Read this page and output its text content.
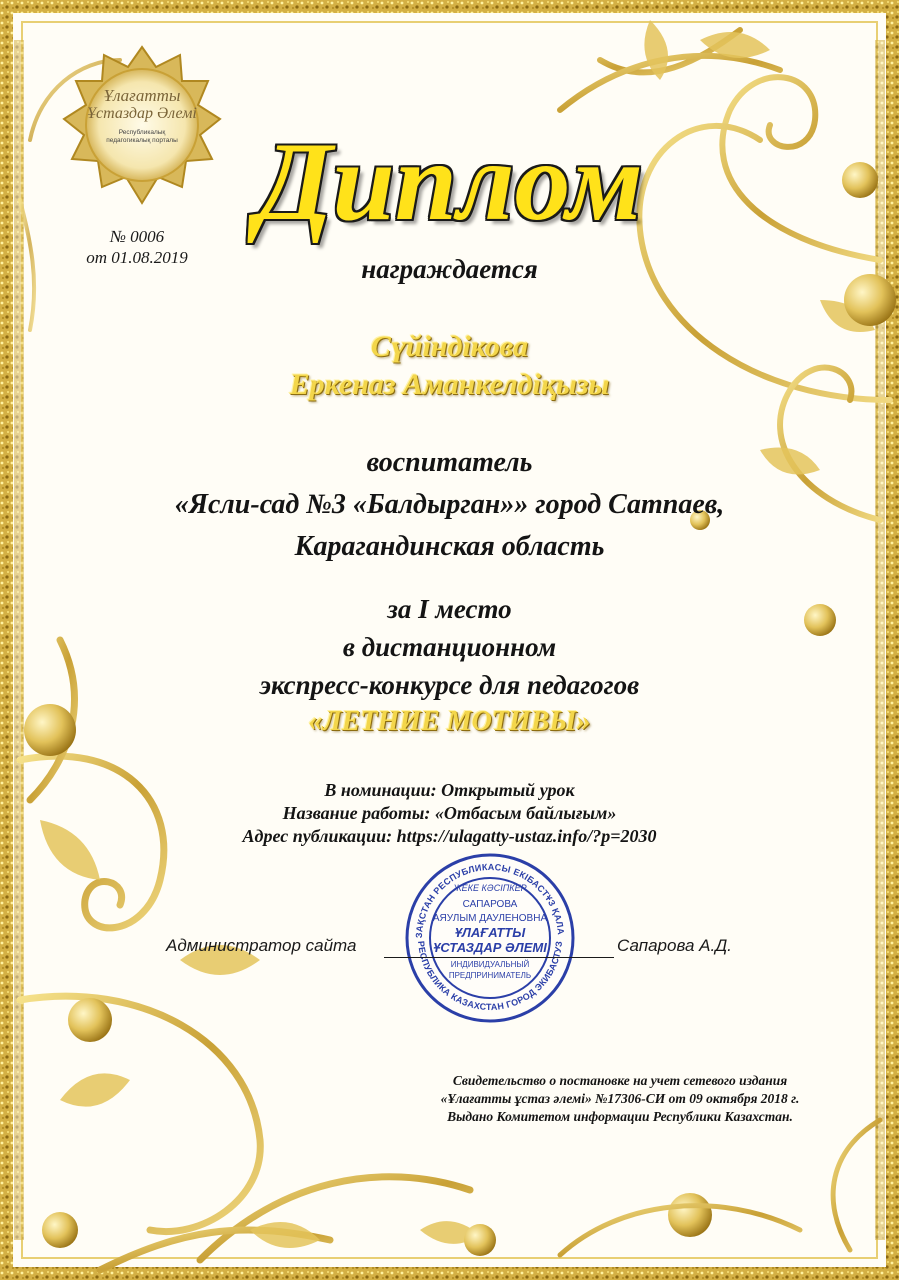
Ұлағатты
Ұстаздар Әлемі
Республикалық
педагогикалық порталы
№ 0006
от 01.08.2019
Диплом
награждается
Сүйіндікова
Еркеназ Аманкелдіқызы
воспитатель
«Ясли-сад №3 «Балдырган»» город Сатпаев,
Карагандинская область
за I место
в дистанционном
экспресс-конкурсе для педагогов
«ЛЕТНИЕ МОТИВЫ»
В номинации: Открытый урок
Название работы: «Отбасым байлығым»
Адрес публикации: https://ulagatty-ustaz.info/?p=2030
ЗАҚСТАН РЕСПУБЛИКАСЫ ЕКІБАСТҰЗ ҚАЛА
РЕСПУБЛИКА КАЗАХСТАН ГОРОД ЭКИБАСТУЗ
ЖЕКЕ КӘСІПКЕР
САПАРОВА
АЯУЛЫМ ДАУЛЕНОВНА
ҰЛАҒАТТЫ
ҰСТАЗДАР ӘЛЕМІ
ИНДИВИДУАЛЬНЫЙ
ПРЕДПРИНИМАТЕЛЬ
Администратор сайта	Сапарова А.Д.
Свидетельство о постановке на учет сетевого издания
«Ұлағатты ұстаз әлемі» №17306-СИ от 09 октября 2018 г.
Выдано Комитетом информации Республики Казахстан.
